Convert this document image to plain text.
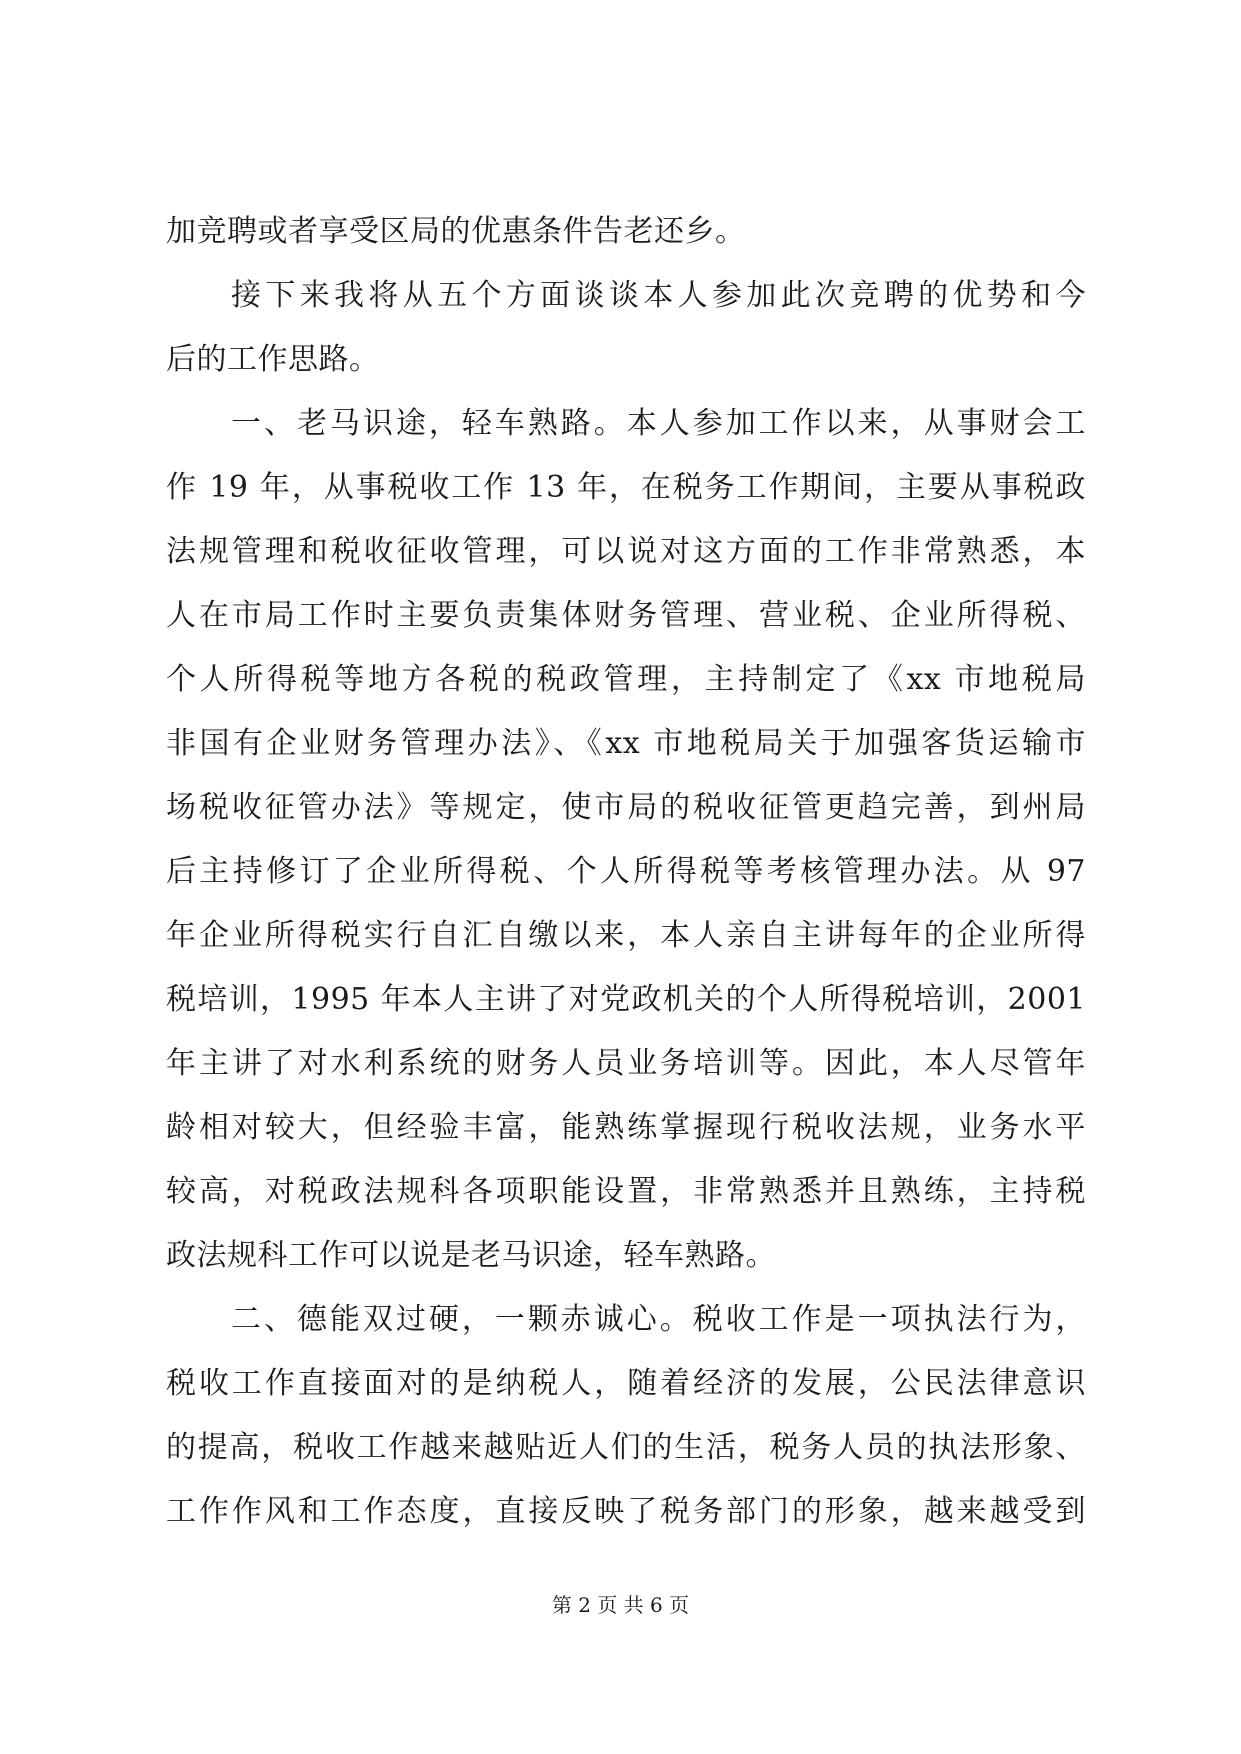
加竞聘或者享受区局的优惠条件告老还乡。
接下来我将从五个方面谈谈本人参加此次竞聘的优势和今
后的工作思路。
一、老马识途，轻车熟路。本人参加工作以来，从事财会工
作 19 年，从事税收工作 13 年，在税务工作期间，主要从事税政
法规管理和税收征收管理，可以说对这方面的工作非常熟悉，本
人在市局工作时主要负责集体财务管理、营业税、企业所得税、
个人所得税等地方各税的税政管理，主持制定了《xx 市地税局
非国有企业财务管理办法》、《xx 市地税局关于加强客货运输市
场税收征管办法》等规定，使市局的税收征管更趋完善，到州局
后主持修订了企业所得税、个人所得税等考核管理办法。从 97
年企业所得税实行自汇自缴以来，本人亲自主讲每年的企业所得
税培训，1995 年本人主讲了对党政机关的个人所得税培训，2001
年主讲了对水利系统的财务人员业务培训等。因此，本人尽管年
龄相对较大，但经验丰富，能熟练掌握现行税收法规，业务水平
较高，对税政法规科各项职能设置，非常熟悉并且熟练，主持税
政法规科工作可以说是老马识途，轻车熟路。
二、德能双过硬，一颗赤诚心。税收工作是一项执法行为，
税收工作直接面对的是纳税人，随着经济的发展，公民法律意识
的提高，税收工作越来越贴近人们的生活，税务人员的执法形象、
工作作风和工作态度，直接反映了税务部门的形象，越来越受到
第 2 页 共 6 页
